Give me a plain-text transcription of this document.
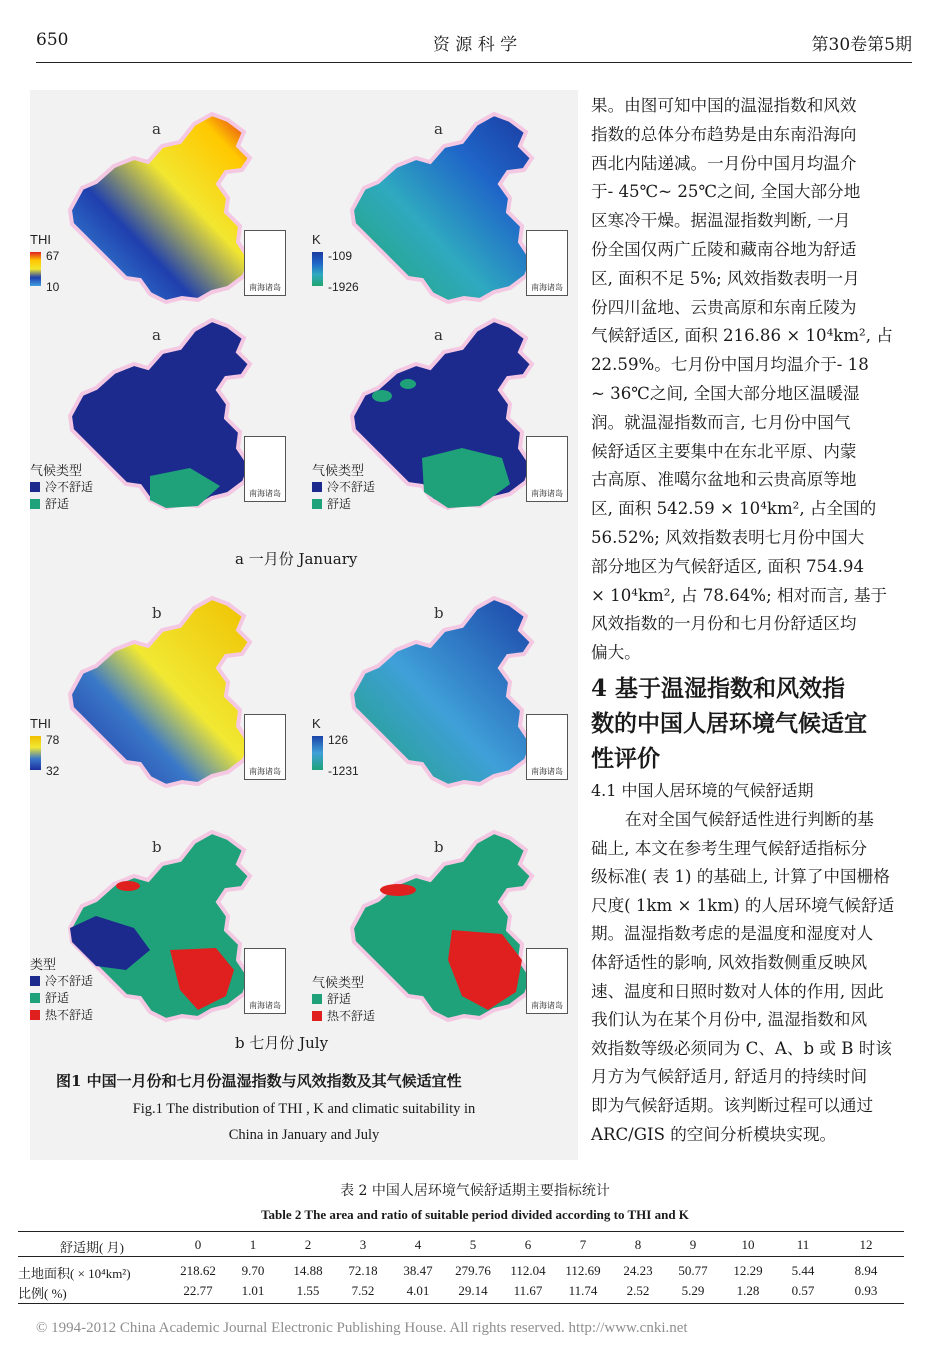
650	资 源 科 学	第30卷第5期
a
南海诸岛
THI
67
10
a
南海诸岛
K
-109
-1926
a
南海诸岛
气候类型
冷不舒适
舒适
a
南海诸岛
气候类型
冷不舒适
舒适
b
南海诸岛
THI
78
32
b
南海诸岛
K
126
-1231
b
南海诸岛
类型
冷不舒适
舒适
热不舒适
b
南海诸岛
气候类型
舒适
热不舒适
a 一月份 January
b 七月份 July
图1 中国一月份和七月份温湿指数与风效指数及其气候适宜性
Fig.1 The distribution of THI , K and climatic suitability in
China in January and July
果。由图可知中国的温湿指数和风效
指数的总体分布趋势是由东南沿海向
西北内陆递减。一月份中国月均温介
于- 45℃~ 25℃之间, 全国大部分地
区寒冷干燥。据温湿指数判断, 一月
份全国仅两广丘陵和藏南谷地为舒适
区, 面积不足 5%; 风效指数表明一月
份四川盆地、云贵高原和东南丘陵为
气候舒适区, 面积 216.86 × 10⁴km², 占
22.59%。七月份中国月均温介于- 18
~ 36℃之间, 全国大部分地区温暖湿
润。就温湿指数而言, 七月份中国气
候舒适区主要集中在东北平原、内蒙
古高原、准噶尔盆地和云贵高原等地
区, 面积 542.59 × 10⁴km², 占全国的
56.52%; 风效指数表明七月份中国大
部分地区为气候舒适区, 面积 754.94
× 10⁴km², 占 78.64%; 相对而言, 基于
风效指数的一月份和七月份舒适区均
偏大。
4 基于温湿指数和风效指
数的中国人居环境气候适宜
性评价
4.1 中国人居环境的气候舒适期
在对全国气候舒适性进行判断的基
础上, 本文在参考生理气候舒适指标分
级标准( 表 1) 的基础上, 计算了中国栅格
尺度( 1km × 1km) 的人居环境气候舒适
期。温湿指数考虑的是温度和湿度对人
体舒适性的影响, 风效指数侧重反映风
速、温度和日照时数对人体的作用, 因此
我们认为在某个月份中, 温湿指数和风
效指数等级必须同为 C、A、b 或 B 时该
月方为气候舒适月, 舒适月的持续时间
即为气候舒适期。该判断过程可以通过
ARC/GIS 的空间分析模块实现。
表 2 中国人居环境气候舒适期主要指标统计
Table 2 The area and ratio of suitable period divided according to THI and K
舒适期( 月)	0	1	2	3	4	5	6	7	8	9	10	11	12
土地面积( × 10⁴km²)	218.62	9.70	14.88	72.18	38.47	279.76	112.04	112.69	24.23	50.77	12.29	5.44	8.94
比例( %)	22.77	1.01	1.55	7.52	4.01	29.14	11.67	11.74	2.52	5.29	1.28	0.57	0.93
© 1994-2012 China Academic Journal Electronic Publishing House. All rights reserved. http://www.cnki.net
